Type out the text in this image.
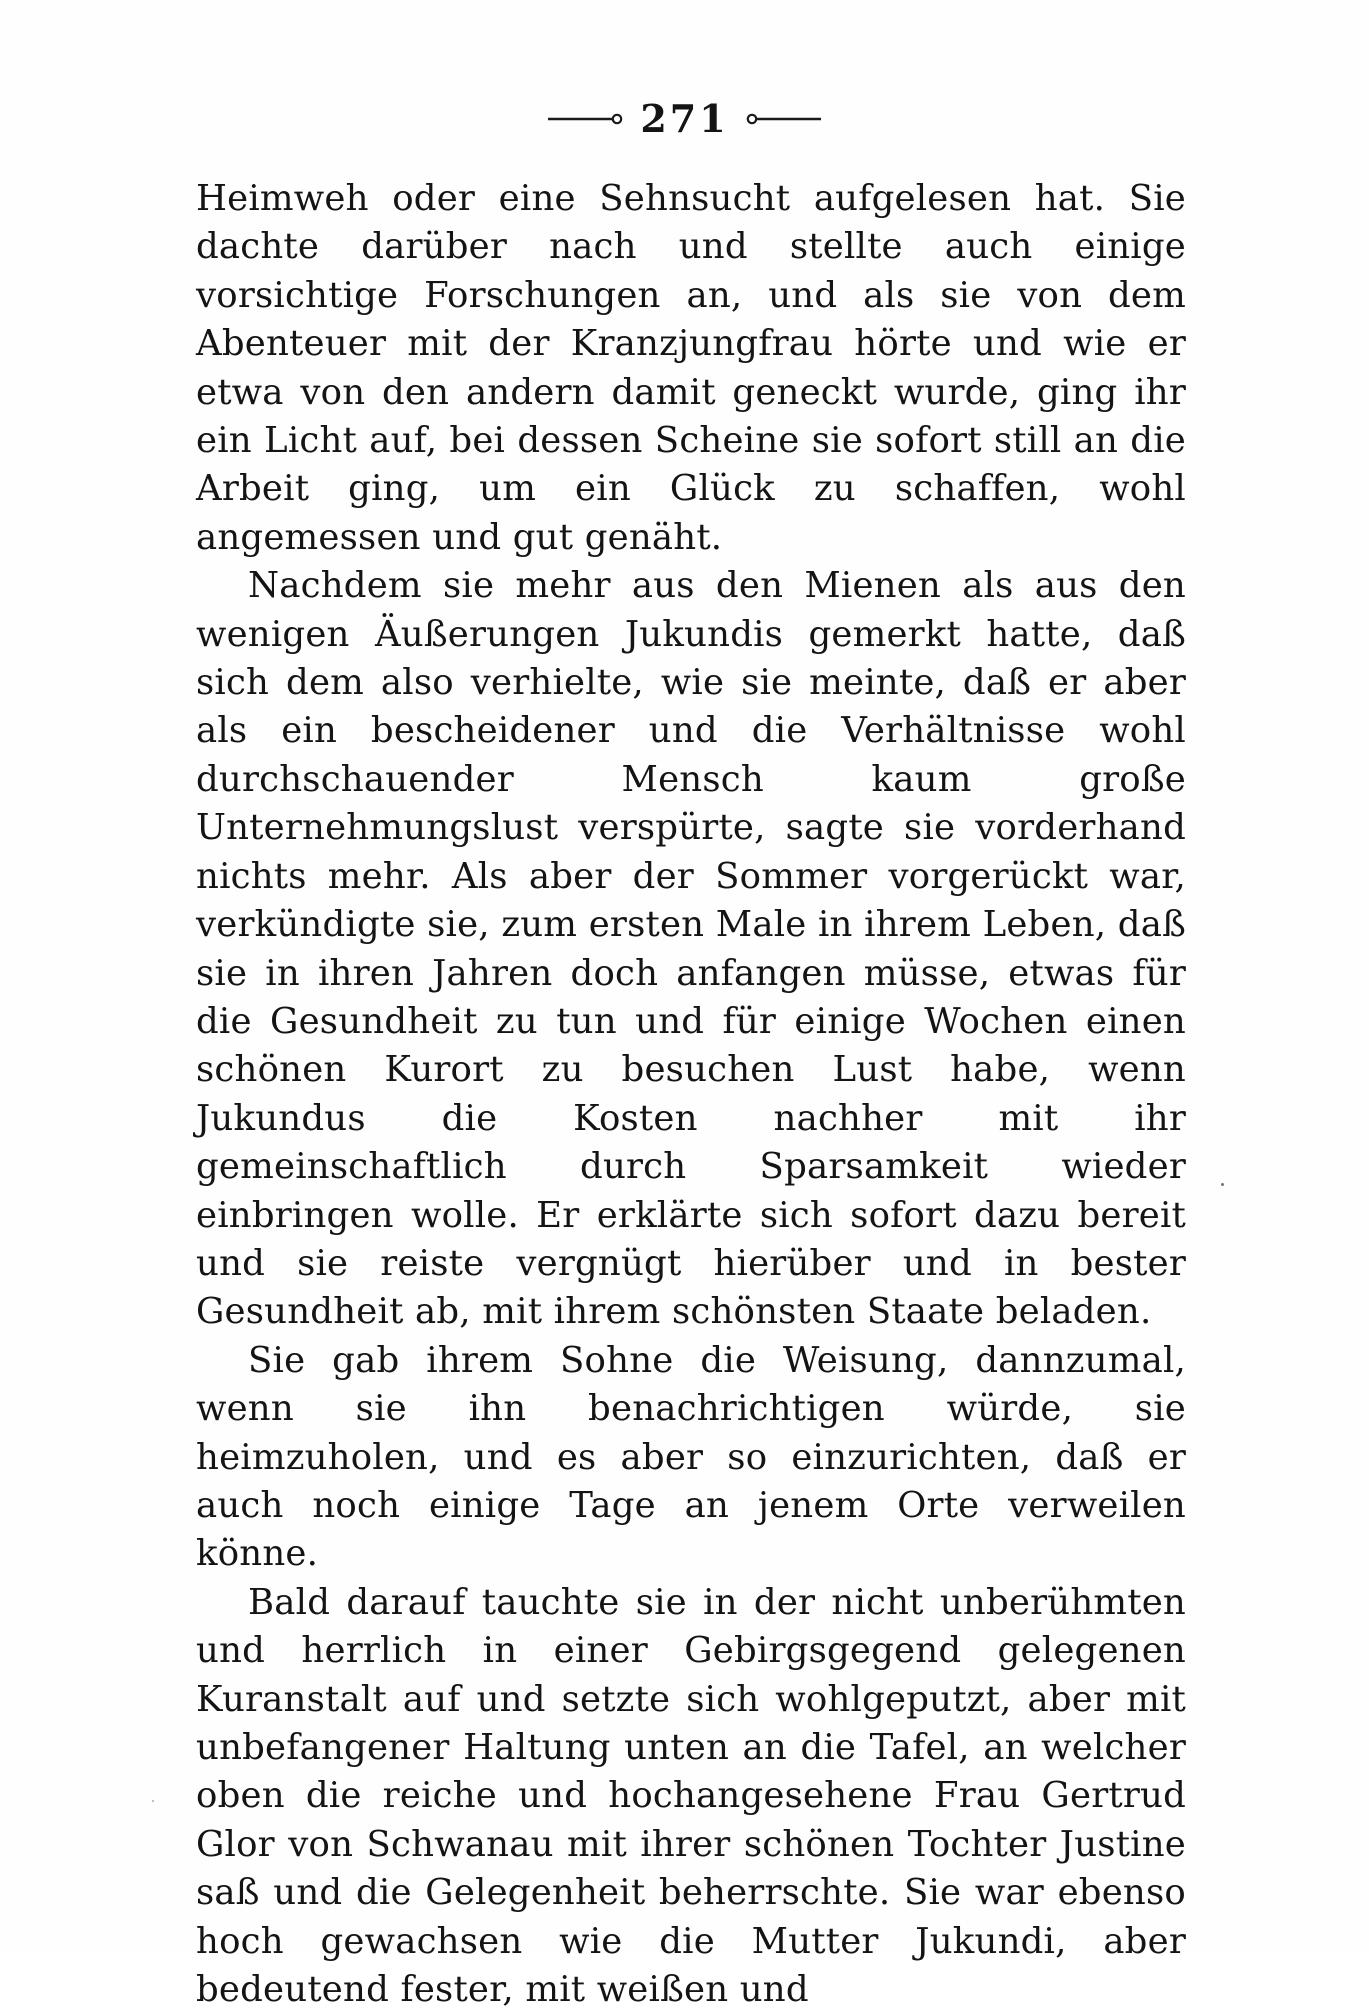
271

Heimweh oder eine Sehnsucht aufgelesen hat. Sie dachte darüber nach und stellte auch einige vorsichtige Forschungen an, und als sie von dem Abenteuer mit der Kranzjungfrau hörte und wie er etwa von den andern damit geneckt wurde, ging ihr ein Licht auf, bei dessen Scheine sie sofort still an die Arbeit ging, um ein Glück zu schaffen, wohl angemessen und gut genäht.

Nachdem sie mehr aus den Mienen als aus den wenigen Äußerungen Jukundis gemerkt hatte, daß sich dem also verhielte, wie sie meinte, daß er aber als ein bescheidener und die Verhältnisse wohl durchschauender Mensch kaum große Unternehmungslust verspürte, sagte sie vorderhand nichts mehr. Als aber der Sommer vorgerückt war, verkündigte sie, zum ersten Male in ihrem Leben, daß sie in ihren Jahren doch anfangen müsse, etwas für die Gesundheit zu tun und für einige Wochen einen schönen Kurort zu besuchen Lust habe, wenn Jukundus die Kosten nachher mit ihr gemeinschaftlich durch Sparsamkeit wieder einbringen wolle. Er erklärte sich sofort dazu bereit und sie reiste vergnügt hierüber und in bester Gesundheit ab, mit ihrem schönsten Staate beladen.

Sie gab ihrem Sohne die Weisung, dannzumal, wenn sie ihn benachrichtigen würde, sie heimzuholen, und es aber so einzurichten, daß er auch noch einige Tage an jenem Orte verweilen könne.

Bald darauf tauchte sie in der nicht unberühmten und herrlich in einer Gebirgsgegend gelegenen Kuranstalt auf und setzte sich wohlgeputzt, aber mit unbefangener Haltung unten an die Tafel, an welcher oben die reiche und hochangesehene Frau Gertrud Glor von Schwanau mit ihrer schönen Tochter Justine saß und die Gelegenheit beherrschte. Sie war ebenso hoch gewachsen wie die Mutter Jukundi, aber bedeutend fester, mit weißen und
